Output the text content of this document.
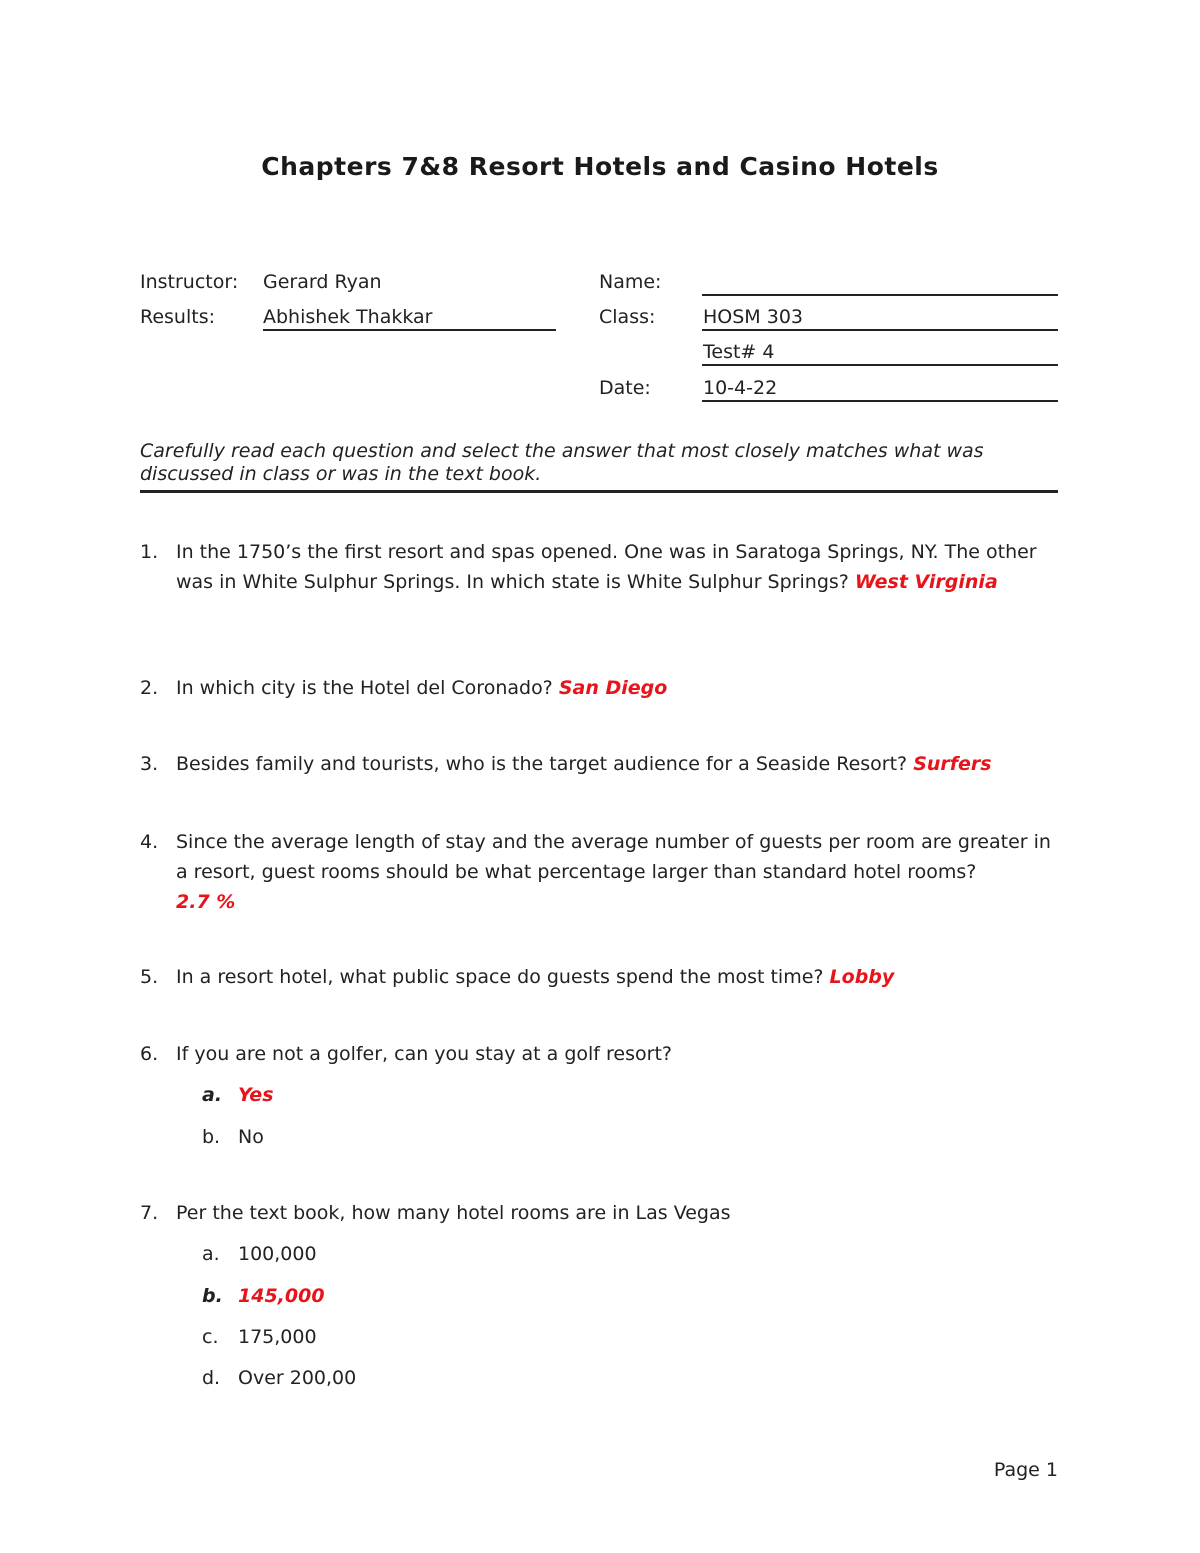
Chapters 7&8 Resort Hotels and Casino Hotels
Instructor: Gerard Ryan
Results:	Abhishek Thakkar
Name:
Class:	HOSM 303
Test# 4
Date:	10-4-22
Carefully read each question and select the answer that most closely matches what was discussed in class or was in the text book.
1. In the 1750’s the first resort and spas opened. One was in Saratoga Springs, NY. The other was in White Sulphur Springs. In which state is White Sulphur Springs? West Virginia
2. In which city is the Hotel del Coronado? San Diego
3. Besides family and tourists, who is the target audience for a Seaside Resort? Surfers
4. Since the average length of stay and the average number of guests per room are greater in a resort, guest rooms should be what percentage larger than standard hotel rooms?
2.7 %
5. In a resort hotel, what public space do guests spend the most time? Lobby
6. If you are not a golfer, can you stay at a golf resort?
a. Yes
b. No
7. Per the text book, how many hotel rooms are in Las Vegas
a. 100,000
b. 145,000
c. 175,000
d. Over 200,00
Page 1
